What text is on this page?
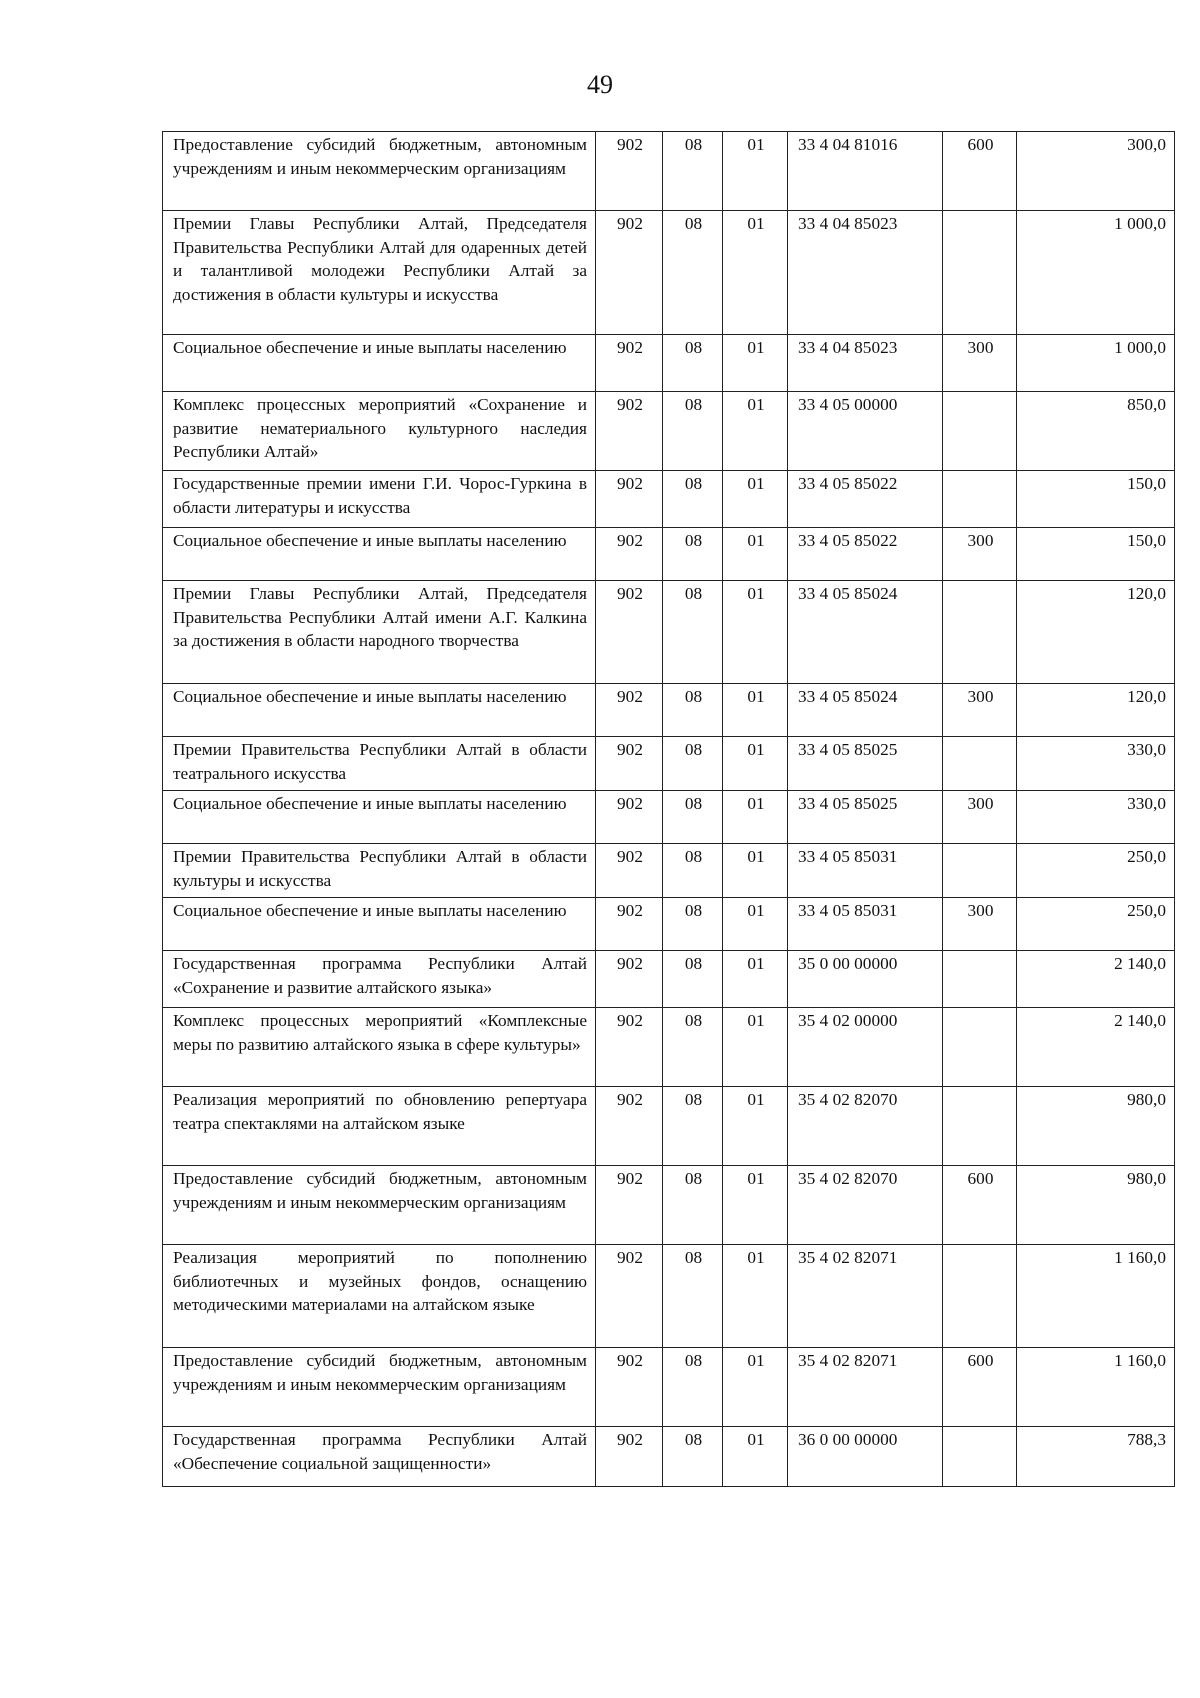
49
Предоставление субсидий бюджетным, автономным учреждениям и иным некоммерческим организациям	902	08	01	33 4 04 81016	600	300,0
Премии Главы Республики Алтай, Председателя Правительства Республики Алтай для одаренных детей и талантливой молодежи Республики Алтай за достижения в области культуры и искусства	902	08	01	33 4 04 85023		1 000,0
Социальное обеспечение и иные выплаты населению	902	08	01	33 4 04 85023	300	1 000,0
Комплекс процессных мероприятий «Сохранение и развитие нематериального культурного наследия Республики Алтай»	902	08	01	33 4 05 00000		850,0
Государственные премии имени Г.И. Чорос-Гуркина в области литературы и искусства	902	08	01	33 4 05 85022		150,0
Социальное обеспечение и иные выплаты населению	902	08	01	33 4 05 85022	300	150,0
Премии Главы Республики Алтай, Председателя Правительства Республики Алтай имени А.Г. Калкина за достижения в области народного творчества	902	08	01	33 4 05 85024		120,0
Социальное обеспечение и иные выплаты населению	902	08	01	33 4 05 85024	300	120,0
Премии Правительства Республики Алтай в области театрального искусства	902	08	01	33 4 05 85025		330,0
Социальное обеспечение и иные выплаты населению	902	08	01	33 4 05 85025	300	330,0
Премии Правительства Республики Алтай в области культуры и искусства	902	08	01	33 4 05 85031		250,0
Социальное обеспечение и иные выплаты населению	902	08	01	33 4 05 85031	300	250,0
Государственная программа Республики Алтай «Сохранение и развитие алтайского языка»	902	08	01	35 0 00 00000		2 140,0
Комплекс процессных мероприятий «Комплексные меры по развитию алтайского языка в сфере культуры»	902	08	01	35 4 02 00000		2 140,0
Реализация мероприятий по обновлению репертуара театра спектаклями на алтайском языке	902	08	01	35 4 02 82070		980,0
Предоставление субсидий бюджетным, автономным учреждениям и иным некоммерческим организациям	902	08	01	35 4 02 82070	600	980,0
Реализация мероприятий по пополнению библиотечных и музейных фондов, оснащению методическими материалами на алтайском языке	902	08	01	35 4 02 82071		1 160,0
Предоставление субсидий бюджетным, автономным учреждениям и иным некоммерческим организациям	902	08	01	35 4 02 82071	600	1 160,0
Государственная программа Республики Алтай «Обеспечение социальной защищенности»	902	08	01	36 0 00 00000		788,3
